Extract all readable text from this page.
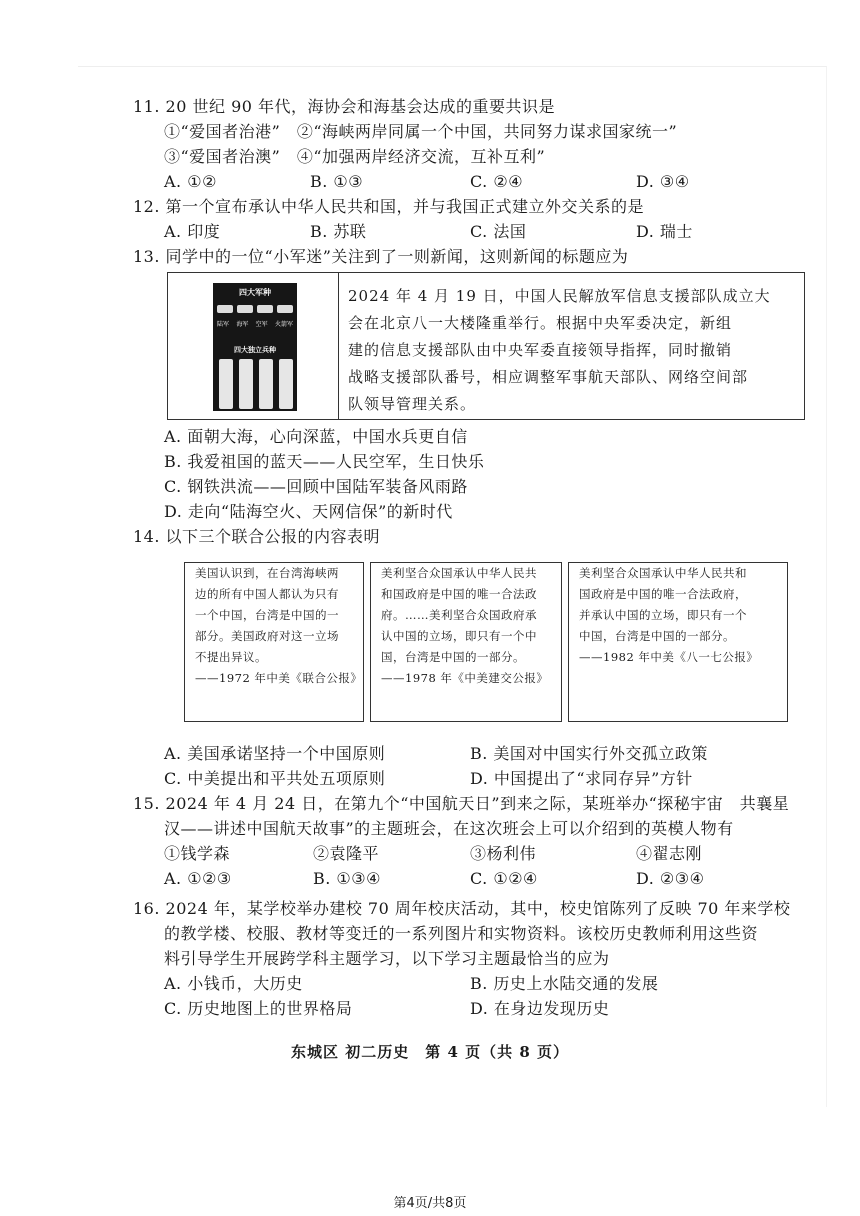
11. 20 世纪 90 年代，海协会和海基会达成的重要共识是
①“爱国者治港”　②“海峡两岸同属一个中国，共同努力谋求国家统一”
③“爱国者治澳”　④“加强两岸经济交流，互补互利”
A. ①②	B. ①③	C. ②④	D. ③④
12. 第一个宣布承认中华人民共和国，并与我国正式建立外交关系的是
A. 印度	B. 苏联	C. 法国	D. 瑞士
13. 同学中的一位“小军迷”关注到了一则新闻，这则新闻的标题应为
四大军种
陆军 海军 空军 火箭军
四大独立兵种
2024 年 4 月 19 日，中国人民解放军信息支援部队成立大
会在北京八一大楼隆重举行。根据中央军委决定，新组
建的信息支援部队由中央军委直接领导指挥，同时撤销
战略支援部队番号，相应调整军事航天部队、网络空间部
队领导管理关系。
A. 面朝大海，心向深蓝，中国水兵更自信
B. 我爱祖国的蓝天——人民空军，生日快乐
C. 钢铁洪流——回顾中国陆军装备风雨路
D. 走向“陆海空火、天网信保”的新时代
14. 以下三个联合公报的内容表明
美国认识到，在台湾海峡两
边的所有中国人都认为只有
一个中国，台湾是中国的一
部分。美国政府对这一立场
不提出异议。
——1972 年中美《联合公报》
美利坚合众国承认中华人民共
和国政府是中国的唯一合法政
府。……美利坚合众国政府承
认中国的立场，即只有一个中
国，台湾是中国的一部分。
——1978 年《中美建交公报》
美利坚合众国承认中华人民共和
国政府是中国的唯一合法政府，
并承认中国的立场，即只有一个
中国，台湾是中国的一部分。
——1982 年中美《八一七公报》
A. 美国承诺坚持一个中国原则	B. 美国对中国实行外交孤立政策
C. 中美提出和平共处五项原则	D. 中国提出了“求同存异”方针
15. 2024 年 4 月 24 日，在第九个“中国航天日”到来之际，某班举办“探秘宇宙　共襄星
汉——讲述中国航天故事”的主题班会，在这次班会上可以介绍到的英模人物有
①钱学森	②袁隆平	③杨利伟	④翟志刚
A. ①②③	B. ①③④	C. ①②④	D. ②③④
16. 2024 年，某学校举办建校 70 周年校庆活动，其中，校史馆陈列了反映 70 年来学校
的教学楼、校服、教材等变迁的一系列图片和实物资料。该校历史教师利用这些资
料引导学生开展跨学科主题学习，以下学习主题最恰当的应为
A. 小钱币，大历史	B. 历史上水陆交通的发展
C. 历史地图上的世界格局	D. 在身边发现历史
东城区 初二历史　第 4 页（共 8 页）
第4页/共8页
